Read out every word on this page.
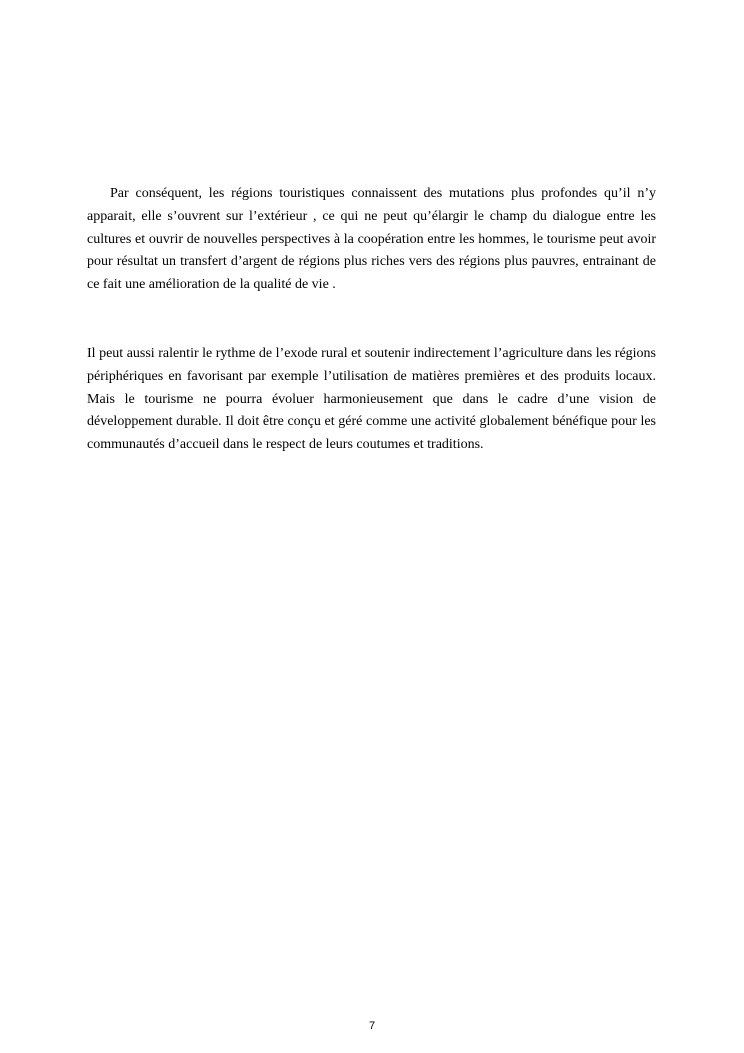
Par conséquent, les régions touristiques connaissent des mutations plus profondes qu’il n’y apparait, elle s’ouvrent sur l’extérieur , ce qui ne peut qu’élargir le champ du dialogue entre les cultures et ouvrir de nouvelles perspectives à la coopération entre les hommes, le tourisme peut avoir pour résultat un transfert d’argent de régions plus riches vers des régions plus pauvres, entrainant de ce fait une amélioration de la qualité de vie .

Il peut aussi ralentir le rythme de l’exode rural et soutenir indirectement l’agriculture dans les régions périphériques en favorisant par exemple l’utilisation de matières premières et des produits locaux. Mais le tourisme ne pourra évoluer harmonieusement que dans le cadre d’une vision de développement durable. Il doit être conçu et géré comme une activité globalement bénéfique pour les communautés d’accueil dans le respect de leurs coutumes et traditions.

7
